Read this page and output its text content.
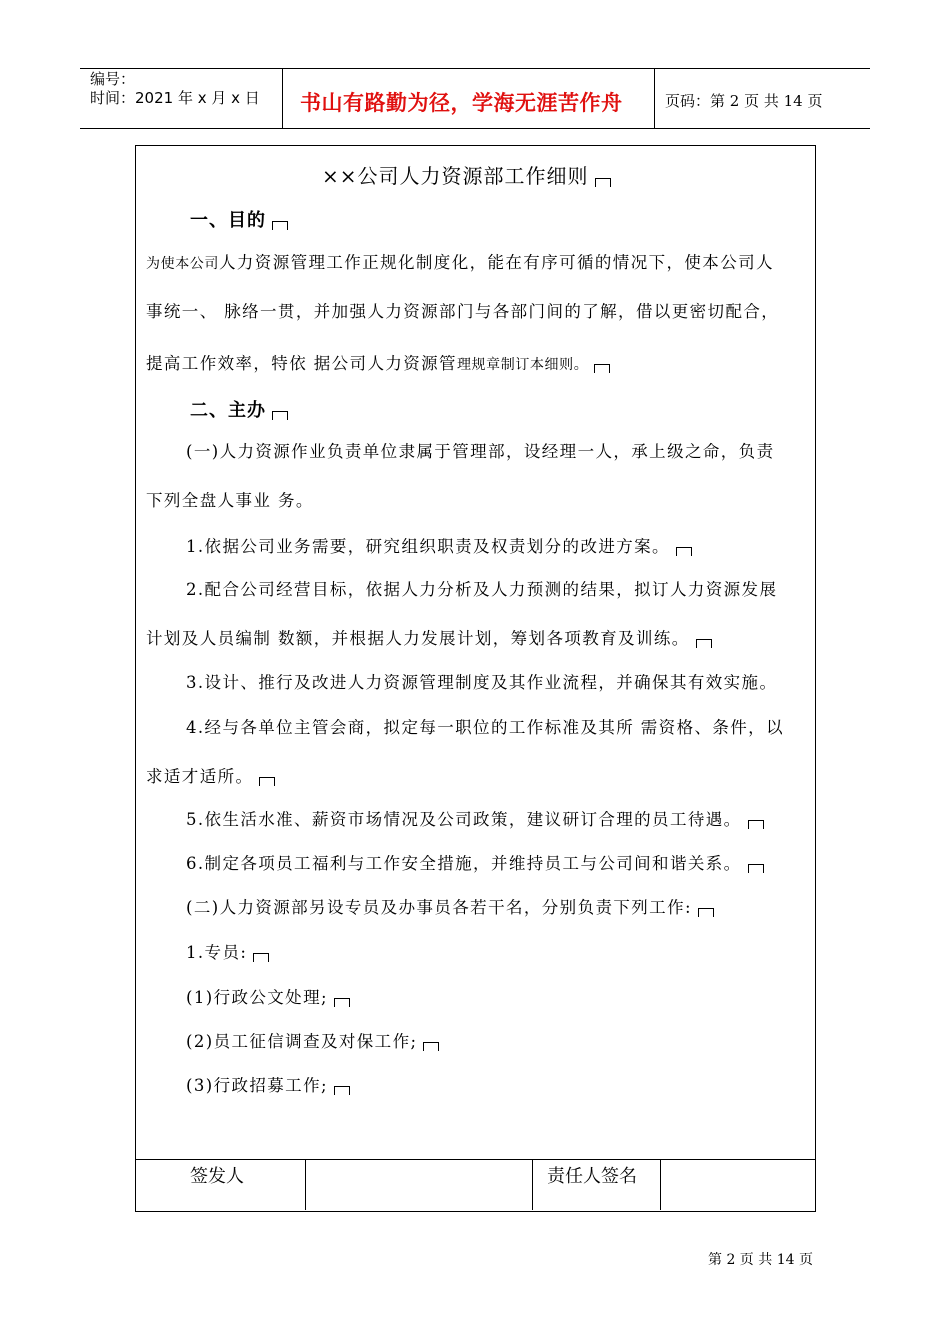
编号：
时间：2021 年 x 月 x 日 书山有路勤为径，学海无涯苦作舟	页码：第 2 页 共 14 页
××公司人力资源部工作细则
一、目的
为使本公司人力资源管理工作正规化制度化，能在有序可循的情况下，使本公司人
事统一、 脉络一贯，并加强人力资源部门与各部门间的了解，借以更密切配合，
提高工作效率，特依 据公司人力资源管理规章制订本细则。
二、主办
(一)人力资源作业负责单位隶属于管理部，设经理一人，承上级之命，负责
下列全盘人事业 务。
1.依据公司业务需要，研究组织职责及权责划分的改进方案。
2.配合公司经营目标，依据人力分析及人力预测的结果，拟订人力资源发展
计划及人员编制 数额，并根据人力发展计划，筹划各项教育及训练。
3.设计、推行及改进人力资源管理制度及其作业流程，并确保其有效实施。
4.经与各单位主管会商，拟定每一职位的工作标准及其所 需资格、条件，以
求适才适所。
5.依生活水准、薪资市场情况及公司政策，建议研订合理的员工待遇。
6.制定各项员工福利与工作安全措施，并维持员工与公司间和谐关系。
(二)人力资源部另设专员及办事员各若干名，分别负责下列工作:
1.专员:
(1)行政公文处理;
(2)员工征信调查及对保工作;
(3)行政招募工作;
签发人	责任人签名
第 2 页 共 14 页
